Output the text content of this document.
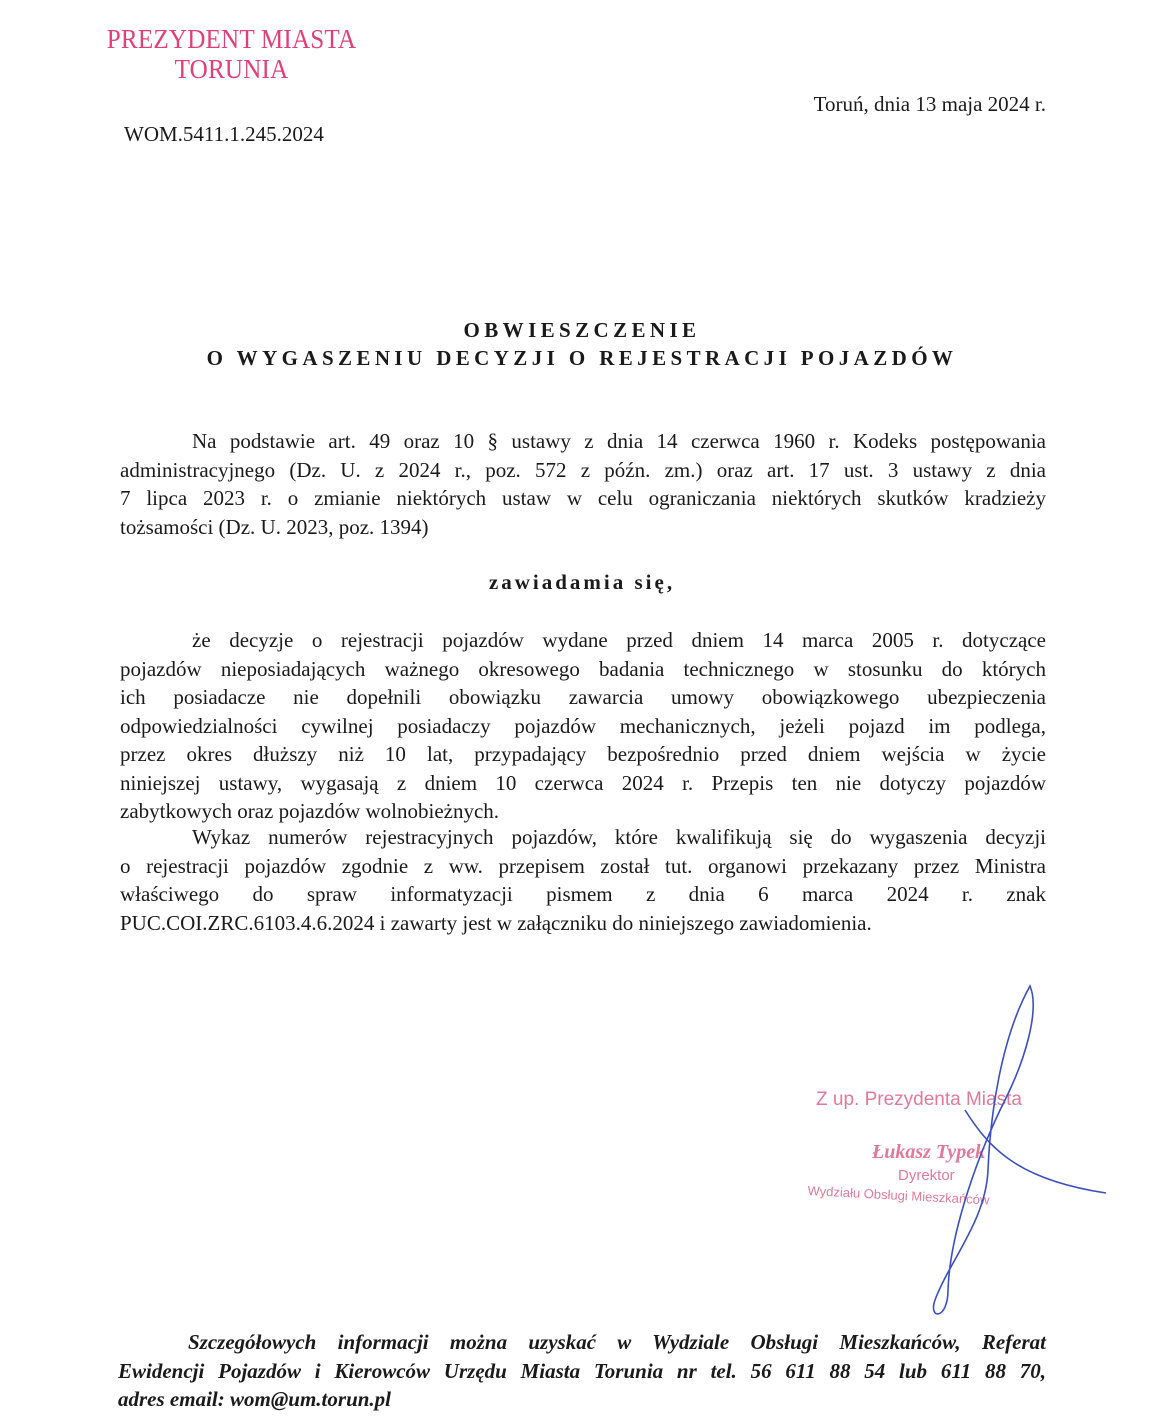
PREZYDENT MIASTA
TORUNIA
Toruń, dnia 13 maja 2024 r.
WOM.5411.1.245.2024
OBWIESZCZENIE
O WYGASZENIU DECYZJI O REJESTRACJI POJAZDÓW
Na podstawie art. 49 oraz 10 § ustawy z dnia 14 czerwca 1960 r. Kodeks postępowania
administracyjnego (Dz. U. z 2024 r., poz. 572 z późn. zm.) oraz art. 17 ust. 3 ustawy z dnia
7 lipca 2023 r. o zmianie niektórych ustaw w celu ograniczania niektórych skutków kradzieży
tożsamości (Dz. U. 2023, poz. 1394)
zawiadamia się,
że decyzje o rejestracji pojazdów wydane przed dniem 14 marca 2005 r. dotyczące
pojazdów nieposiadających ważnego okresowego badania technicznego w stosunku do których
ich posiadacze nie dopełnili obowiązku zawarcia umowy obowiązkowego ubezpieczenia
odpowiedzialności cywilnej posiadaczy pojazdów mechanicznych, jeżeli pojazd im podlega,
przez okres dłuższy niż 10 lat, przypadający bezpośrednio przed dniem wejścia w życie
niniejszej ustawy, wygasają z dniem 10 czerwca 2024 r. Przepis ten nie dotyczy pojazdów
zabytkowych oraz pojazdów wolnobieżnych.
Wykaz numerów rejestracyjnych pojazdów, które kwalifikują się do wygaszenia decyzji
o rejestracji pojazdów zgodnie z ww. przepisem został tut. organowi przekazany przez Ministra
właściwego do spraw informatyzacji pismem z dnia 6 marca 2024 r. znak
PUC.COI.ZRC.6103.4.6.2024 i zawarty jest w załączniku do niniejszego zawiadomienia.
Z up. Prezydenta Miasta
Łukasz Typek
Dyrektor
Wydziału Obsługi Mieszkańców
Szczegółowych informacji można uzyskać w Wydziale Obsługi Mieszkańców, Referat
Ewidencji Pojazdów i Kierowców Urzędu Miasta Torunia nr tel. 56 611 88 54 lub 611 88 70,
adres email: wom@um.torun.pl
